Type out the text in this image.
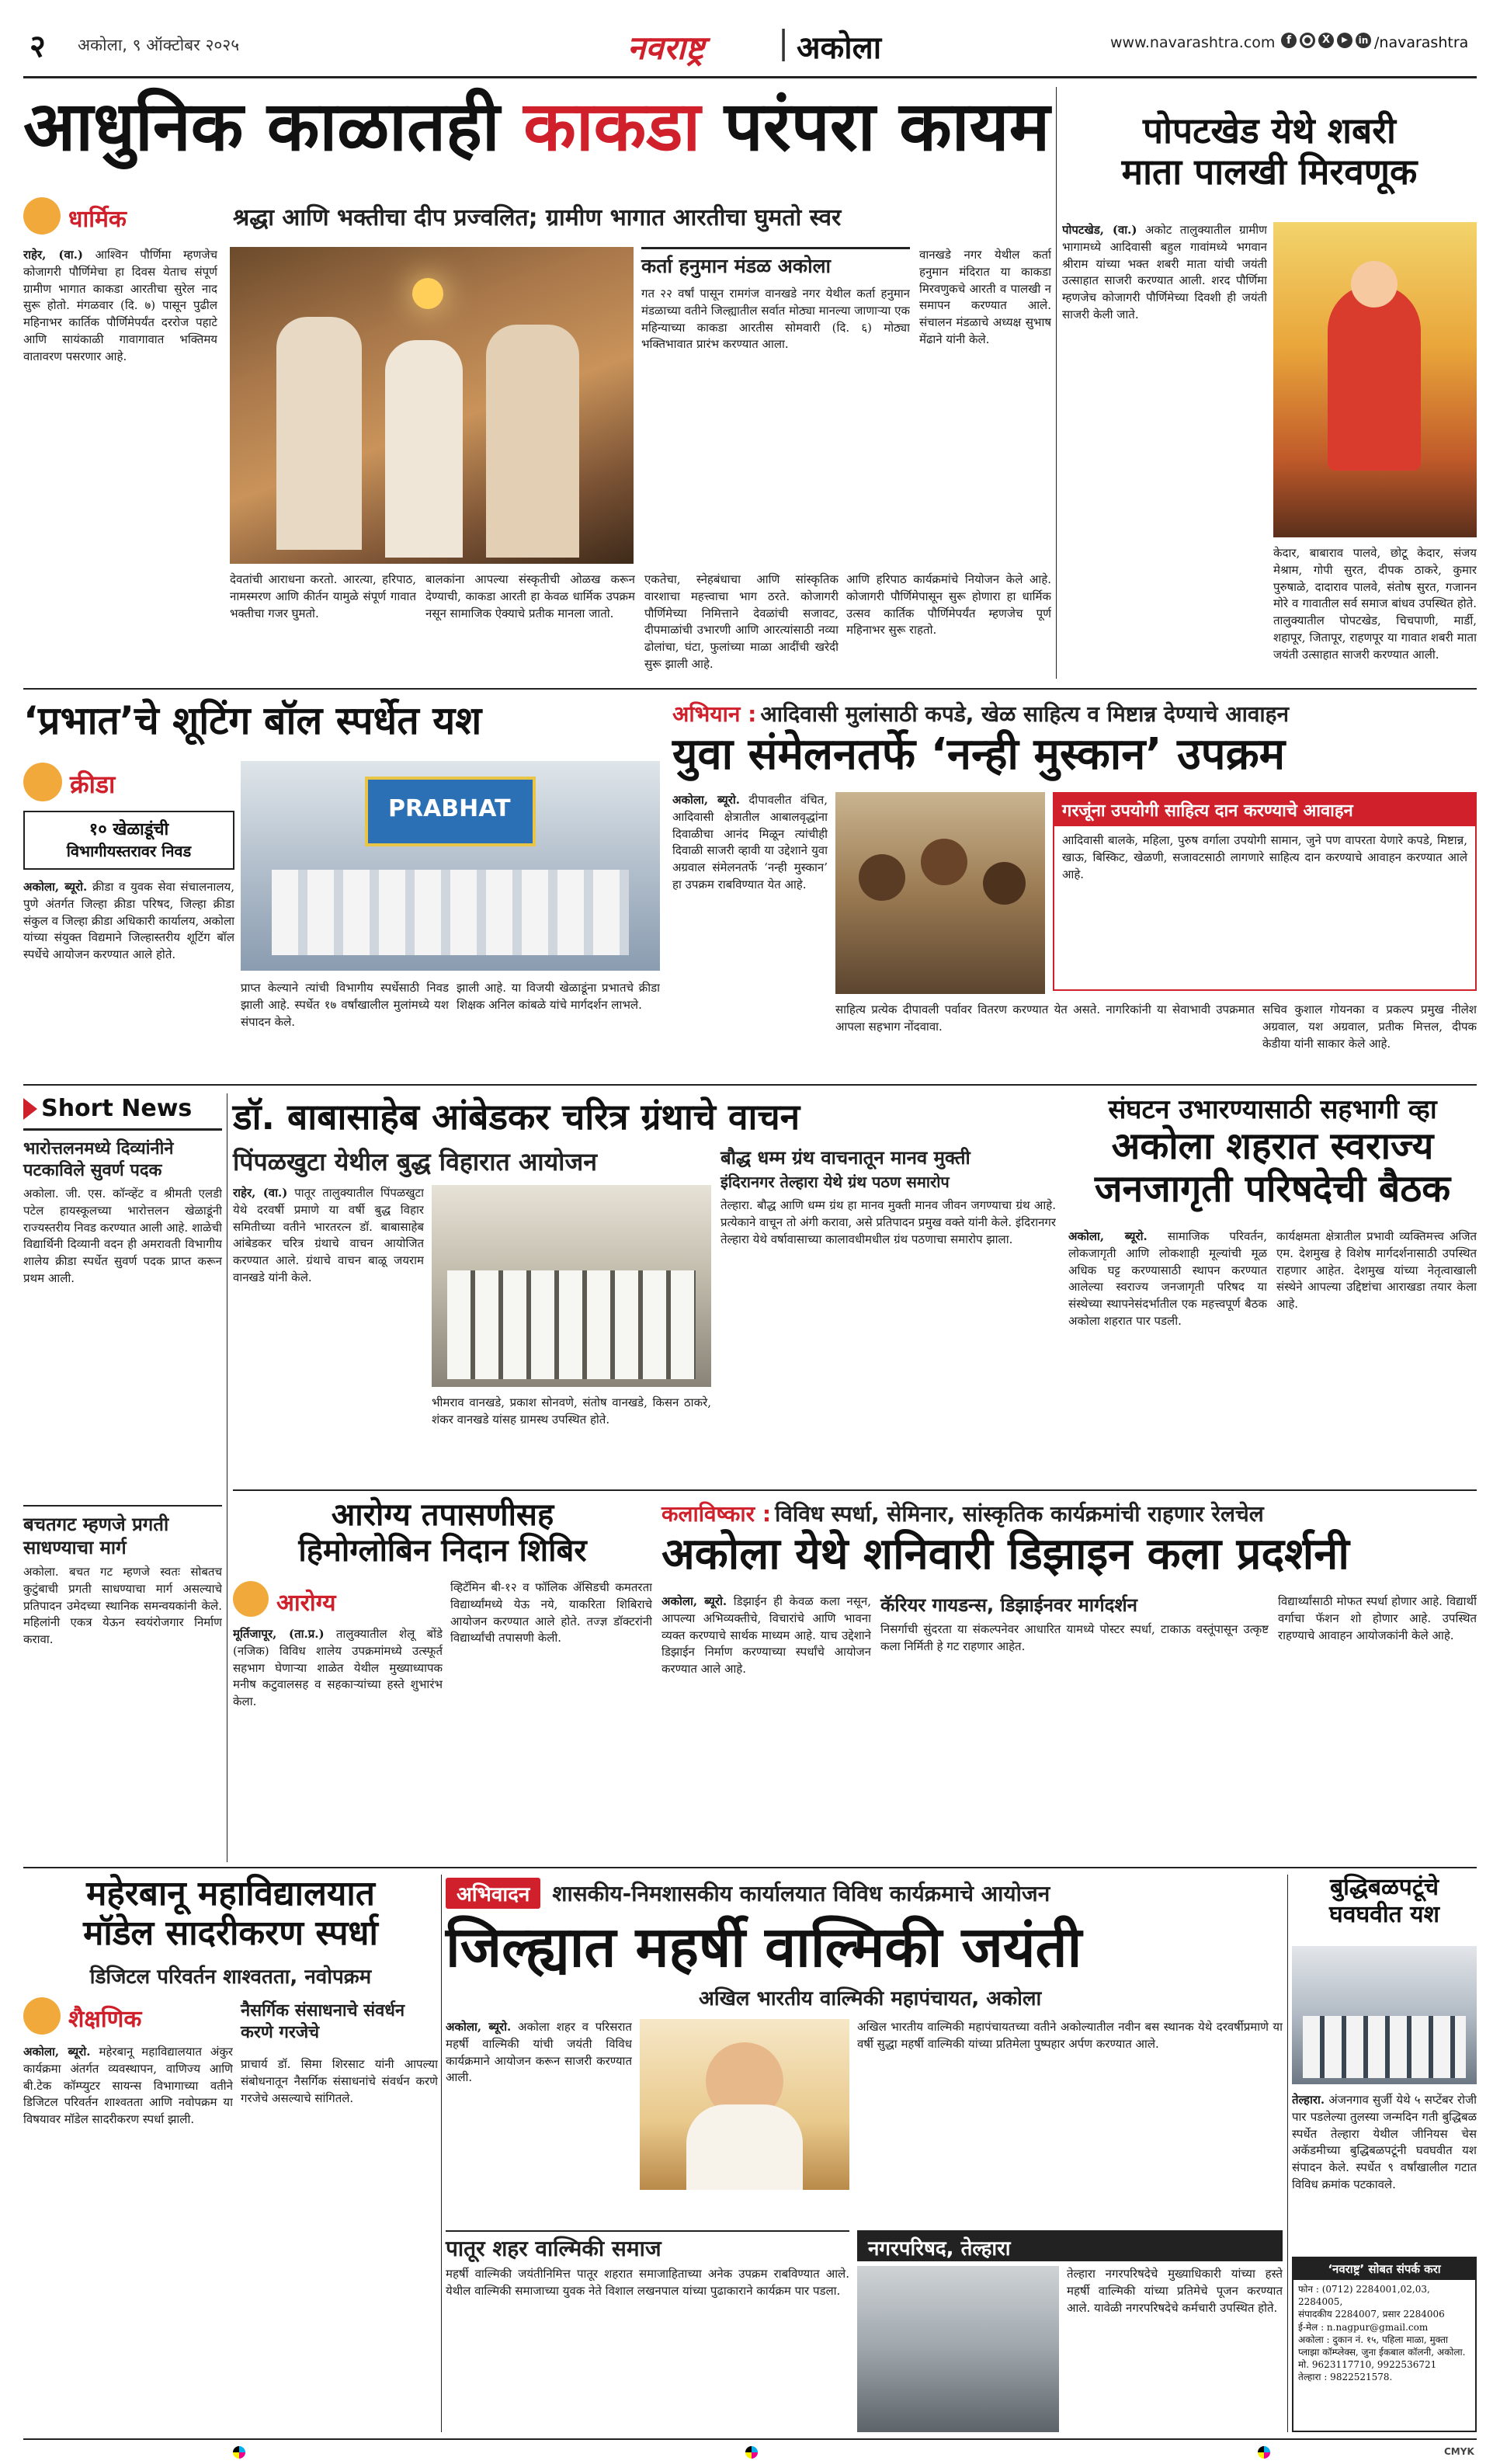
२ अकोला, ९ ऑक्टोबर २०२५	नवराष्ट्र | अकोला	www.navarashtra.com	f	X	▶	in /navarashtra
आधुनिक काळातही काकडा परंपरा कायम
धार्मिक	श्रद्धा आणि भक्तीचा दीप प्रज्वलित; ग्रामीण भागात आरतीचा घुमतो स्वर
राहेर, (वा.) आश्विन पौर्णिमा म्हणजेच कोजागरी पौर्णिमेचा हा दिवस येताच संपूर्ण ग्रामीण भागात काकडा आरतीचा सुरेल नाद सुरू होतो. मंगळवार (दि. ७) पासून पुढील महिनाभर कार्तिक पौर्णिमेपर्यंत दररोज पहाटे आणि सायंकाळी गावागावात भक्तिमय वातावरण पसरणार आहे.
कर्ता हनुमान मंडळ अकोला
गत २२ वर्षां पासून रामगंज वानखडे नगर येथील कर्ता हनुमान मंडळाच्या वतीने जिल्ह्यातील सर्वात मोठ्या मानल्या जाणाऱ्या एक महिन्याच्या काकडा आरतीस सोमवारी (दि. ६) मोठ्या भक्तिभावात प्रारंभ करण्यात आला.
वानखडे नगर येथील कर्ता हनुमान मंदिरात या काकडा मिरवणुकचे आरती व पालखी न समापन करण्यात आले. संचालन मंडळाचे अध्यक्ष सुभाष मेंढाने यांनी केले.
देवतांची आराधना करतो. आरत्या, हरिपाठ, नामस्मरण आणि कीर्तन यामुळे संपूर्ण गावात भक्तीचा गजर घुमतो.
बालकांना आपल्या संस्कृतीची ओळख करून देण्याची, काकडा आरती हा केवळ धार्मिक उपक्रम नसून सामाजिक ऐक्याचे प्रतीक मानला जातो.
एकतेचा, स्नेहबंधाचा आणि सांस्कृतिक वारशाचा महत्त्वाचा भाग ठरते. कोजागरी पौर्णिमेच्या निमित्ताने देवळांची सजावट, दीपमाळांची उभारणी आणि आरत्यांसाठी नव्या ढोलांचा, घंटा, फुलांच्या माळा आदींची खरेदी सुरू झाली आहे.
आणि हरिपाठ कार्यक्रमांचे नियोजन केले आहे. कोजागरी पौर्णिमेपासून सुरू होणारा हा धार्मिक उत्सव कार्तिक पौर्णिमेपर्यंत म्हणजेच पूर्ण महिनाभर सुरू राहतो.
पोपटखेड येथे शबरी
माता पालखी मिरवणूक
पोपटखेड, (वा.) अकोट तालुक्यातील ग्रामीण भागामध्ये आदिवासी बहुल गावांमध्ये भगवान श्रीराम यांच्या भक्त शबरी माता यांची जयंती उत्साहात साजरी करण्यात आली. शरद पौर्णिमा म्हणजेच कोजागरी पौर्णिमेच्या दिवशी ही जयंती साजरी केली जाते.
केदार, बाबाराव पालवे, छोटू केदार, संजय मेश्राम, गोपी सुरत, दीपक ठाकरे, कुमार पुरुषाळे, दादाराव पालवे, संतोष सुरत, गजानन मोरे व गावातील सर्व समाज बांधव उपस्थित होते. तालुक्यातील पोपटखेड, चिचपाणी, मार्डी, शहापूर, जितापूर, राहणपूर या गावात शबरी माता जयंती उत्साहात साजरी करण्यात आली.
‘प्रभात’चे शूटिंग बॉल स्पर्धेत यश
क्रीडा
१० खेळाडूंची
विभागीयस्तरावर निवड
PRABHAT
अकोला, ब्यूरो. क्रीडा व युवक सेवा संचालनालय, पुणे अंतर्गत जिल्हा क्रीडा परिषद, जिल्हा क्रीडा संकुल व जिल्हा क्रीडा अधिकारी कार्यालय, अकोला यांच्या संयुक्त विद्यमाने जिल्हास्तरीय शूटिंग बॉल स्पर्धेचे आयोजन करण्यात आले होते.
प्राप्त केल्याने त्यांची विभागीय स्पर्धेसाठी निवड झाली आहे. स्पर्धेत १७ वर्षांखालील मुलांमध्ये यश संपादन केले.
झाली आहे. या विजयी खेळाडूंना प्रभातचे क्रीडा शिक्षक अनिल कांबळे यांचे मार्गदर्शन लाभले.
अभियान : आदिवासी मुलांसाठी कपडे, खेळ साहित्य व मिष्टान्न देण्याचे आवाहन
युवा संमेलनतर्फे ‘नन्ही मुस्कान’ उपक्रम
अकोला, ब्यूरो. दीपावलीत वंचित, आदिवासी क्षेत्रातील आबालवृद्धांना दिवाळीचा आनंद मिळून त्यांचीही दिवाळी साजरी व्हावी या उद्देशाने युवा अग्रवाल संमेलनतर्फे ‘नन्ही मुस्कान’ हा उपक्रम राबविण्यात येत आहे.
गरजूंना उपयोगी साहित्य दान करण्याचे आवाहन
आदिवासी बालके, महिला, पुरुष वर्गाला उपयोगी सामान, जुने पण वापरता येणारे कपडे, मिष्टान्न, खाऊ, बिस्किट, खेळणी, सजावटसाठी लागणारे साहित्य दान करण्याचे आवाहन करण्यात आले आहे.
साहित्य प्रत्येक दीपावली पर्वावर वितरण करण्यात येत असते. नागरिकांनी या सेवाभावी उपक्रमात आपला सहभाग नोंदवावा.
सचिव कुशाल गोयनका व प्रकल्प प्रमुख नीलेश अग्रवाल, यश अग्रवाल, प्रतीक मित्तल, दीपक केडीया यांनी साकार केले आहे.
Short News
भारोत्तलनमध्ये दिव्यांनीने पटकाविले सुवर्ण पदक
अकोला. जी. एस. कॉन्व्हेंट व श्रीमती एलडी पटेल हायस्कूलच्या भारोत्तलन खेळाडूंनी राज्यस्तरीय निवड करण्यात आली आहे. शाळेची विद्यार्थिनी दिव्यानी वदन ही अमरावती विभागीय शालेय क्रीडा स्पर्धेत सुवर्ण पदक प्राप्त करून प्रथम आली.
बचतगट म्हणजे प्रगती साधण्याचा मार्ग
अकोला. बचत गट म्हणजे स्वतः सोबतच कुटुंबाची प्रगती साधण्याचा मार्ग असल्याचे प्रतिपादन उमेदच्या स्थानिक समन्वयकांनी केले. महिलांनी एकत्र येऊन स्वयंरोजगार निर्माण करावा.
डॉ. बाबासाहेब आंबेडकर चरित्र ग्रंथाचे वाचन
पिंपळखुटा येथील बुद्ध विहारात आयोजन
राहेर, (वा.) पातूर तालुक्यातील पिंपळखुटा येथे दरवर्षी प्रमाणे या वर्षी बुद्ध विहार समितीच्या वतीने भारतरत्न डॉ. बाबासाहेब आंबेडकर चरित्र ग्रंथाचे वाचन आयोजित करण्यात आले. ग्रंथाचे वाचन बाळू जयराम वानखडे यांनी केले.
भीमराव वानखडे, प्रकाश सोनवणे, संतोष वानखडे, किसन ठाकरे, शंकर वानखडे यांसह ग्रामस्थ उपस्थित होते.
बौद्ध धम्म ग्रंथ वाचनातून मानव मुक्ती
इंदिरानगर तेल्हारा येथे ग्रंथ पठण समारोप
तेल्हारा. बौद्ध आणि धम्म ग्रंथ हा मानव मुक्ती मानव जीवन जगण्याचा ग्रंथ आहे. प्रत्येकाने वाचून तो अंगी करावा, असे प्रतिपादन प्रमुख वक्ते यांनी केले. इंदिरानगर तेल्हारा येथे वर्षावासाच्या कालावधीमधील ग्रंथ पठणाचा समारोप झाला.
संघटन उभारण्यासाठी सहभागी व्हा
अकोला शहरात स्वराज्य
जनजागृती परिषदेची बैठक
अकोला, ब्यूरो. सामाजिक परिवर्तन, लोकजागृती आणि लोकशाही मूल्यांची मूळ अधिक घट्ट करण्यासाठी स्थापन करण्यात आलेल्या स्वराज्य जनजागृती परिषद या संस्थेच्या स्थापनेसंदर्भातील एक महत्त्वपूर्ण बैठक अकोला शहरात पार पडली.
कार्यक्षमता क्षेत्रातील प्रभावी व्यक्तिमत्त्व अजित एम. देशमुख हे विशेष मार्गदर्शनासाठी उपस्थित राहणार आहेत. देशमुख यांच्या नेतृत्वाखाली संस्थेने आपल्या उद्दिष्टांचा आराखडा तयार केला आहे.
आरोग्य तपासणीसह
हिमोग्लोबिन निदान शिबिर
आरोग्य
मूर्तिजापूर, (ता.प्र.) तालुक्यातील शेलू बोंडे (नजिक) विविध शालेय उपक्रमांमध्ये उत्स्फूर्त सहभाग घेणाऱ्या शाळेत येथील मुख्याध्यापक मनीष कटुवालसह व सहकाऱ्यांच्या हस्ते शुभारंभ केला.
व्हिटॅमिन बी-१२ व फॉलिक ॲसिडची कमतरता विद्यार्थ्यांमध्ये येऊ नये, याकरिता शिबिराचे आयोजन करण्यात आले होते. तज्ज्ञ डॉक्टरांनी विद्यार्थ्यांची तपासणी केली.
कलाविष्कार : विविध स्पर्धा, सेमिनार, सांस्कृतिक कार्यक्रमांची राहणार रेलचेल
अकोला येथे शनिवारी डिझाइन कला प्रदर्शनी
अकोला, ब्यूरो. डिझाईन ही केवळ कला नसून, आपल्या अभिव्यक्तीचे, विचारांचे आणि भावना व्यक्त करण्याचे सार्थक माध्यम आहे. याच उद्देशाने डिझाईन निर्माण करण्याच्या स्पर्धांचे आयोजन करण्यात आले आहे.
कॅरियर गायडन्स, डिझाईनवर मार्गदर्शन
निसर्गाची सुंदरता या संकल्पनेवर आधारित यामध्ये पोस्टर स्पर्धा, टाकाऊ वस्तूंपासून उत्कृष्ट कला निर्मिती हे गट राहणार आहेत.
विद्यार्थ्यांसाठी मोफत स्पर्धा होणार आहे. विद्यार्थी वर्गाचा फॅशन शो होणार आहे. उपस्थित राहण्याचे आवाहन आयोजकांनी केले आहे.
महेरबानू महाविद्यालयात
मॉडेल सादरीकरण स्पर्धा
डिजिटल परिवर्तन शाश्वतता, नवोपक्रम
शैक्षणिक
अकोला, ब्यूरो. महेरबानू महाविद्यालयात अंकुर कार्यक्रमा अंतर्गत व्यवस्थापन, वाणिज्य आणि बी.टेक कॉम्प्युटर सायन्स विभागाच्या वतीने डिजिटल परिवर्तन शाश्वतता आणि नवोपक्रम या विषयावर मॉडेल सादरीकरण स्पर्धा झाली.
नैसर्गिक संसाधनाचे संवर्धन करणे गरजेचे
प्राचार्य डॉ. सिमा शिरसाट यांनी आपल्या संबोधनातून नैसर्गिक संसाधनांचे संवर्धन करणे गरजेचे असल्याचे सांगितले.
अभिवादन शासकीय-निमशासकीय कार्यालयात विविध कार्यक्रमाचे आयोजन
जिल्ह्यात महर्षी वाल्मिकी जयंती
अखिल भारतीय वाल्मिकी महापंचायत, अकोला
अकोला, ब्यूरो. अकोला शहर व परिसरात महर्षी वाल्मिकी यांची जयंती विविध कार्यक्रमाने आयोजन करून साजरी करण्यात आली.
अखिल भारतीय वाल्मिकी महापंचायतच्या वतीने अकोल्यातील नवीन बस स्थानक येथे दरवर्षीप्रमाणे या वर्षी सुद्धा महर्षी वाल्मिकी यांच्या प्रतिमेला पुष्पहार अर्पण करण्यात आले.
पातूर शहर वाल्मिकी समाज
महर्षी वाल्मिकी जयंतीनिमित्त पातूर शहरात समाजाहिताच्या अनेक उपक्रम राबविण्यात आले. येथील वाल्मिकी समाजाच्या युवक नेते विशाल लखनपाल यांच्या पुढाकाराने कार्यक्रम पार पडला.
नगरपरिषद, तेल्हारा
तेल्हारा नगरपरिषदेचे मुख्याधिकारी यांच्या हस्ते महर्षी वाल्मिकी यांच्या प्रतिमेचे पूजन करण्यात आले. यावेळी नगरपरिषदेचे कर्मचारी उपस्थित होते.
बुद्धिबळपटूंचे
घवघवीत यश
तेल्हारा. अंजनगाव सुर्जी येथे ५ सप्टेंबर रोजी पार पडलेल्या तुलस्या जन्मदिन गती बुद्धिबळ स्पर्धेत तेल्हारा येथील जीनियस चेस अकॅडमीच्या बुद्धिबळपटूंनी घवघवीत यश संपादन केले. स्पर्धेत ९ वर्षांखालील गटात विविध क्रमांक पटकावले.
‘नवराष्ट्र’ सोबत संपर्क करा
फोन : (0712) 2284001,02,03,
2284005,
संपादकीय 2284007, प्रसार 2284006
ई-मेल : n.nagpur@gmail.com
अकोला : दुकान नं. १५, पहिला माळा, मुक्ता प्लाझा कॉम्प्लेक्स, जुना ईकबाल कॉलनी, अकोला.
मो. 9623117710, 9922536721
तेल्हारा : 9822521578.
CMYK
